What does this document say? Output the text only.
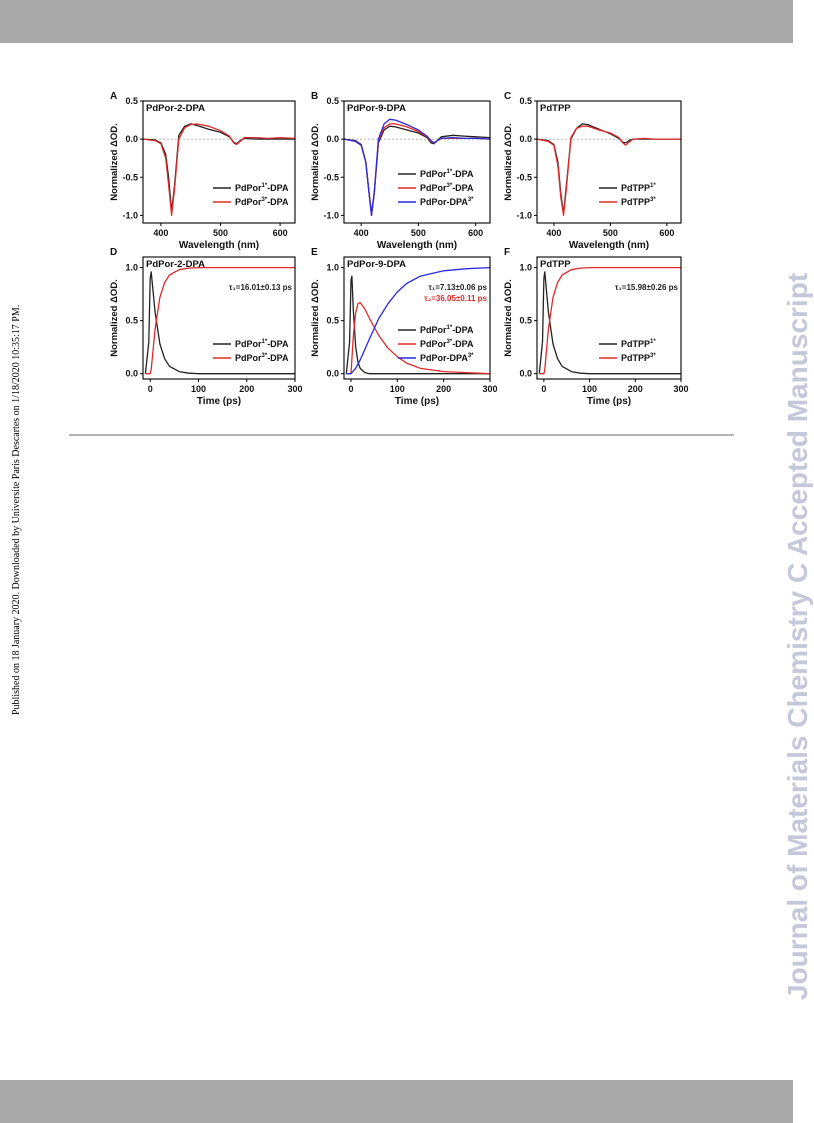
Published on 18 January 2020. Downloaded by Universite Paris Descartes on 1/18/2020 10:35:17 PM.	Journal of Materials Chemistry C Accepted Manuscript
A 0.5
0.0
-0.5
-1.0
400	500	600
Wavelength (nm)
Normalized ΔOD.
PdPor-2-DPA
PdPor$^{1*}$-DPA
PdPor$^{3*}$-DPA
B 0.5
0.0
-0.5
-1.0
400	500	600
Wavelength (nm)
Normalized ΔOD.
PdPor-9-DPA
PdPor$^{1*}$-DPA
PdPor$^{3*}$-DPA
PdPor-$DPA^{3*}$
C 0.5
0.0
-0.5
-1.0
400	500	600
Wavelength (nm)
Normalized ΔOD.
PdTPP
PdTPP$^{1*}$
PdTPP$^{3*}$
D
0.0
0.5
1.0
0	100	200	300
Time (ps)
Normalized ΔOD.
PdPor-2-DPA
τ₁=16.01±0.13 ps
PdPor$^{1*}$-DPA
PdPor$^{3*}$-DPA
E
0.0
0.5
1.0
0	100	200	300
Time (ps)
Normalized ΔOD.
PdPor-9-DPA
τ₁=7.13±0.06 ps
τ₂=36.05±0.11 ps
PdPor$^{1*}$-DPA
PdPor$^{3*}$-DPA
PdPor-$DPA^{3*}$
F
0.0
0.5
1.0
0	100	200	300
Time (ps)
Normalized ΔOD.
PdTPP
τ₁=15.98±0.26 ps
PdTPP$^{1*}$
PdTPP$^{3*}$
